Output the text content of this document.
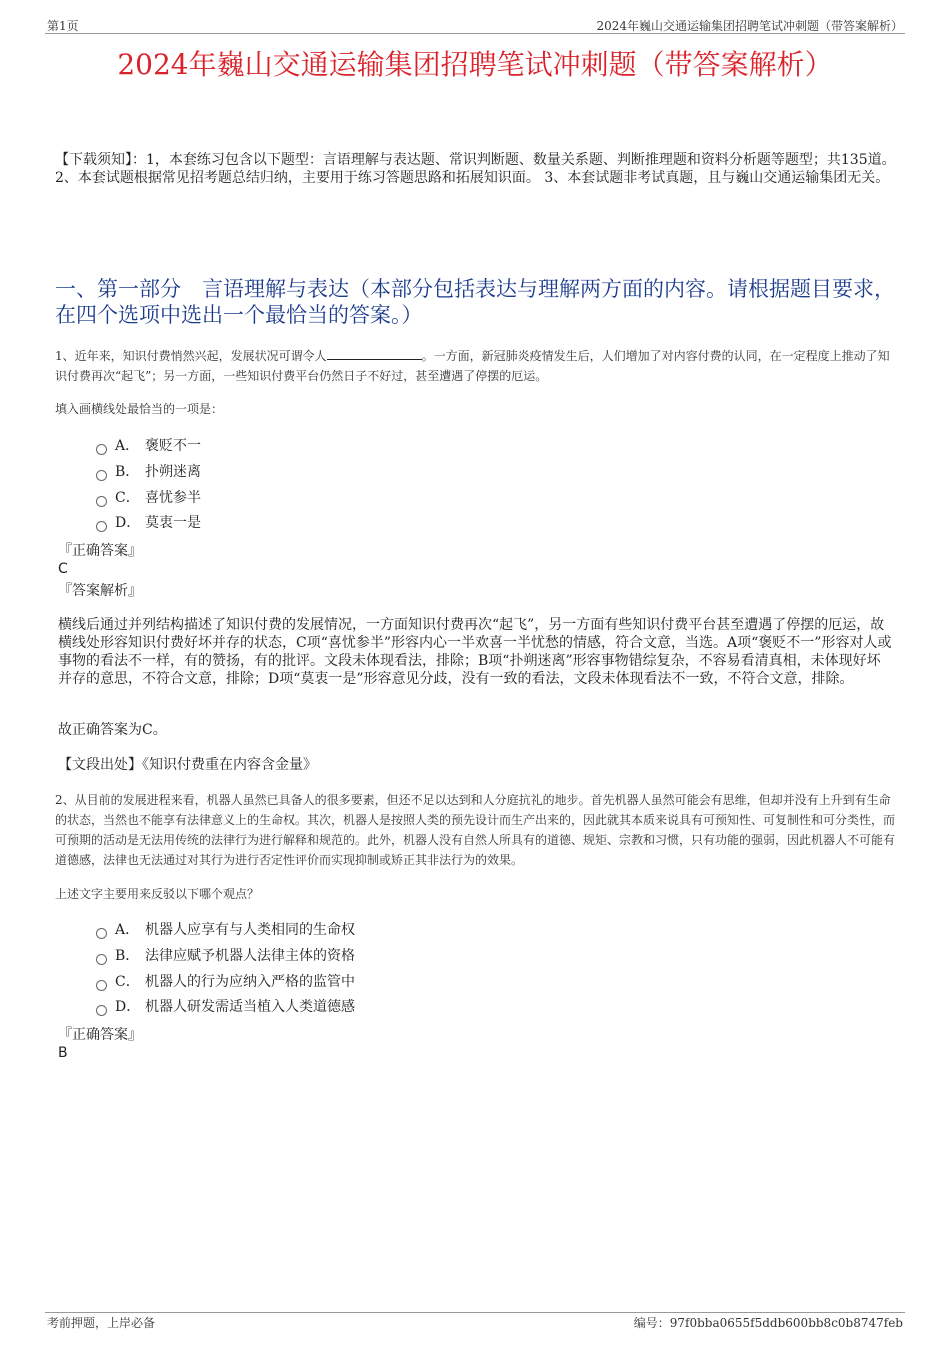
第1页	2024年巍山交通运输集团招聘笔试冲刺题（带答案解析）
2024年巍山交通运输集团招聘笔试冲刺题（带答案解析）
【下载须知】：1，本套练习包含以下题型：言语理解与表达题、常识判断题、数量关系题、判断推理题和资料分析题等题型；共135道。 2、本套试题根据常见招考题总结归纳，主要用于练习答题思路和拓展知识面。 3、本套试题非考试真题，且与巍山交通运输集团无关。
一、第一部分　言语理解与表达（本部分包括表达与理解两方面的内容。请根据题目要求，在四个选项中选出一个最恰当的答案。）
1、近年来，知识付费悄然兴起，发展状况可谓令人	。一方面，新冠肺炎疫情发生后，人们增加了对内容付费的认同，在一定程度上推动了知识付费再次“起飞”；另一方面，一些知识付费平台仍然日子不好过，甚至遭遇了停摆的厄运。
填入画横线处最恰当的一项是：
A． 褒贬不一
B． 扑朔迷离
C． 喜忧参半
D． 莫衷一是
『正确答案』
C
『答案解析』
横线后通过并列结构描述了知识付费的发展情况，一方面知识付费再次“起飞”，另一方面有些知识付费平台甚至遭遇了停摆的厄运，故横线处形容知识付费好坏并存的状态，C项“喜忧参半”形容内心一半欢喜一半忧愁的情感，符合文意，当选。A项“褒贬不一”形容对人或事物的看法不一样，有的赞扬，有的批评。文段未体现看法，排除；B项“扑朔迷离”形容事物错综复杂，不容易看清真相，未体现好坏并存的意思，不符合文意，排除；D项“莫衷一是”形容意见分歧，没有一致的看法，文段未体现看法不一致，不符合文意，排除。
故正确答案为C。
【文段出处】《知识付费重在内容含金量》
2、从目前的发展进程来看，机器人虽然已具备人的很多要素，但还不足以达到和人分庭抗礼的地步。首先机器人虽然可能会有思维，但却并没有上升到有生命的状态，当然也不能享有法律意义上的生命权。其次，机器人是按照人类的预先设计而生产出来的，因此就其本质来说具有可预知性、可复制性和可分类性，而可预期的活动是无法用传统的法律行为进行解释和规范的。此外，机器人没有自然人所具有的道德、规矩、宗教和习惯，只有功能的强弱，因此机器人不可能有道德感，法律也无法通过对其行为进行否定性评价而实现抑制或矫正其非法行为的效果。
上述文字主要用来反驳以下哪个观点？
A． 机器人应享有与人类相同的生命权
B． 法律应赋予机器人法律主体的资格
C． 机器人的行为应纳入严格的监管中
D． 机器人研发需适当植入人类道德感
『正确答案』
B
考前押题，上岸必备	编号：97f0bba0655f5ddb600bb8c0b8747feb
